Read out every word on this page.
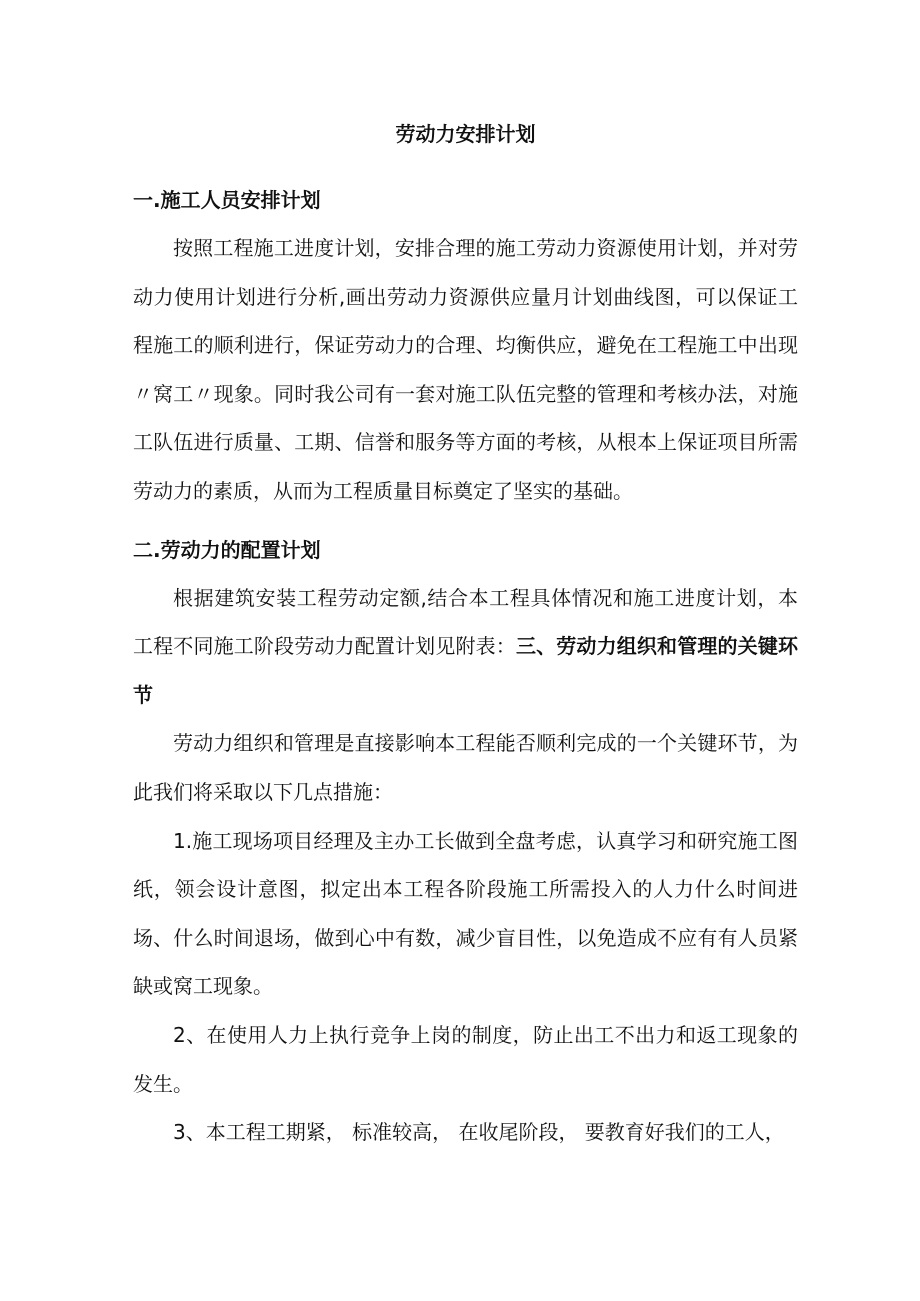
劳动力安排计划
一.施工人员安排计划

按照工程施工进度计划，安排合理的施工劳动力资源使用计划，并对劳动力使用计划进行分析,画出劳动力资源供应量月计划曲线图，可以保证工程施工的顺利进行，保证劳动力的合理、均衡供应，避免在工程施工中出现〃窝工〃现象。同时我公司有一套对施工队伍完整的管理和考核办法，对施工队伍进行质量、工期、信誉和服务等方面的考核，从根本上保证项目所需劳动力的素质，从而为工程质量目标奠定了坚实的基础。

二.劳动力的配置计划

根据建筑安装工程劳动定额,结合本工程具体情况和施工进度计划，本工程不同施工阶段劳动力配置计划见附表：三、劳动力组织和管理的关键环节

劳动力组织和管理是直接影响本工程能否顺利完成的一个关键环节，为此我们将采取以下几点措施：

1.施工现场项目经理及主办工长做到全盘考虑，认真学习和研究施工图纸，领会设计意图，拟定出本工程各阶段施工所需投入的人力什么时间进场、什么时间退场，做到心中有数，减少盲目性，以免造成不应有有人员紧缺或窝工现象。

2、在使用人力上执行竞争上岗的制度，防止出工不出力和返工现象的发生。

3、本工程工期紧， 标准较高， 在收尾阶段， 要教育好我们的工人，
